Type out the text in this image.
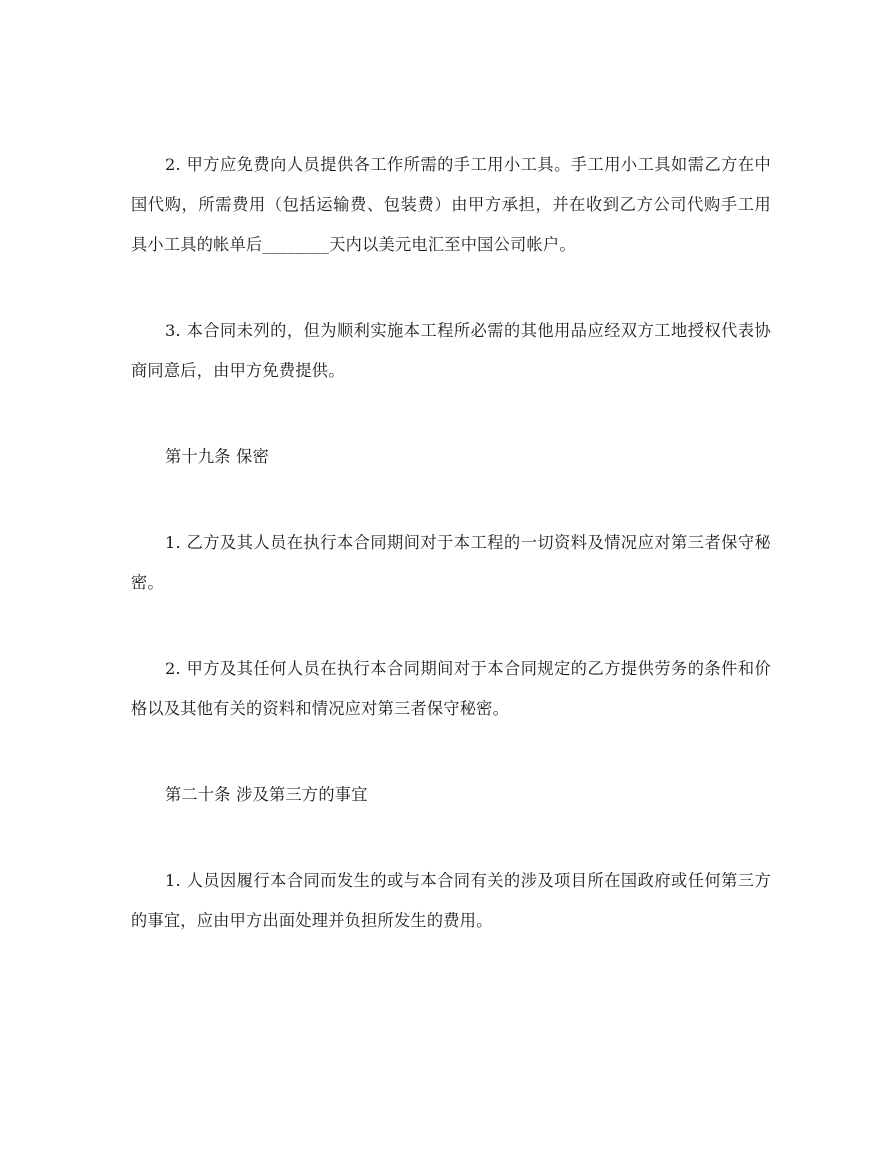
2. 甲方应免费向人员提供各工作所需的手工用小工具。手工用小工具如需乙方在中国代购，所需费用（包括运输费、包装费）由甲方承担，并在收到乙方公司代购手工用具小工具的帐单后________天内以美元电汇至中国公司帐户。

3. 本合同未列的，但为顺利实施本工程所必需的其他用品应经双方工地授权代表协商同意后，由甲方免费提供。

第十九条 保密

1. 乙方及其人员在执行本合同期间对于本工程的一切资料及情况应对第三者保守秘密。

2. 甲方及其任何人员在执行本合同期间对于本合同规定的乙方提供劳务的条件和价格以及其他有关的资料和情况应对第三者保守秘密。

第二十条 涉及第三方的事宜

1. 人员因履行本合同而发生的或与本合同有关的涉及项目所在国政府或任何第三方的事宜，应由甲方出面处理并负担所发生的费用。
